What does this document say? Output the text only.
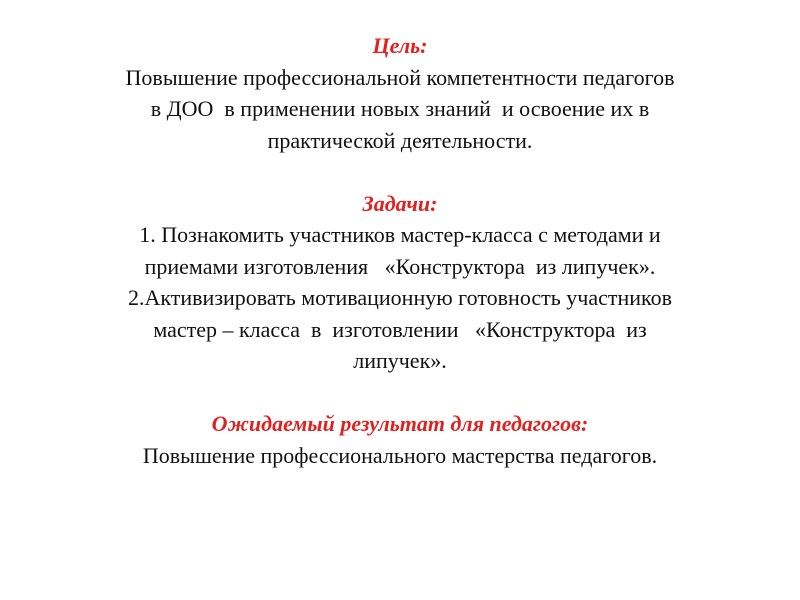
Цель:
Повышение профессиональной компетентности педагогов
в ДОО  в применении новых знаний  и освоение их в
практической деятельности.
Задачи:
1. Познакомить участников мастер-класса с методами и
приемами изготовления   «Конструктора  из липучек».
2.Активизировать мотивационную готовность участников
мастер – класса  в  изготовлении   «Конструктора  из
липучек».
Ожидаемый результат для педагогов:
Повышение профессионального мастерства педагогов.
